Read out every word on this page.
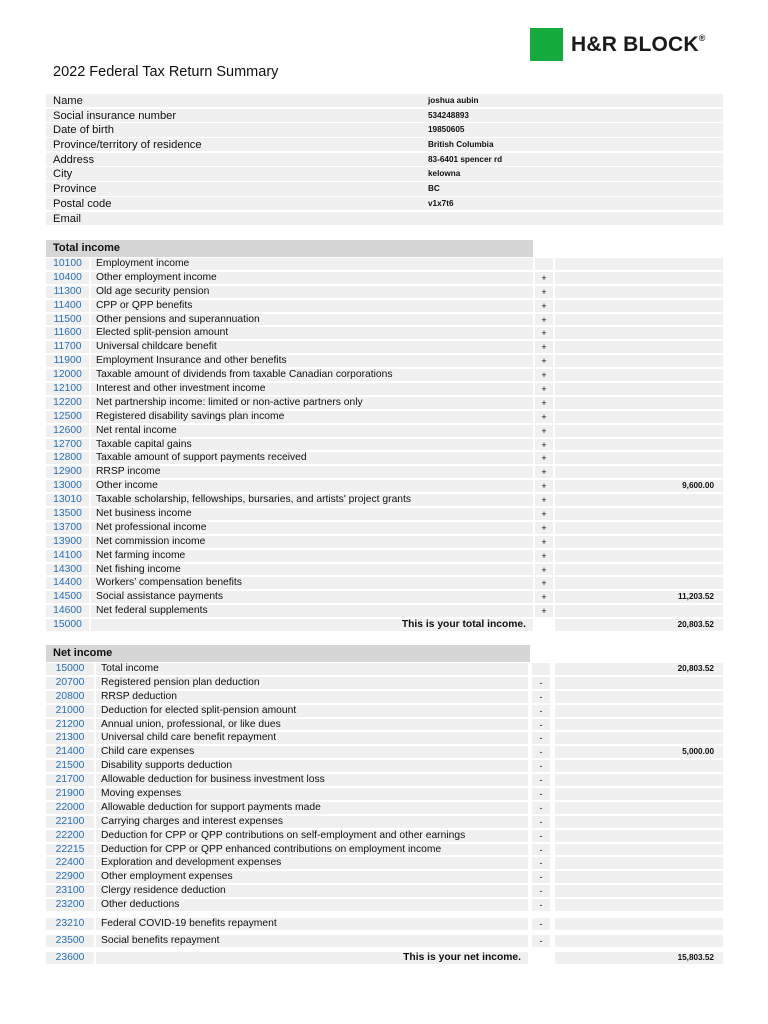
H&R BLOCK®
2022 Federal Tax Return Summary
Name	joshua aubin
Social insurance number	534248893
Date of birth	19850605
Province/territory of residence	British Columbia
Address	83-6401 spencer rd
City	kelowna
Province	BC
Postal code	v1x7t6
Email
Total income
10100	Employment income
10400	Other employment income	+
11300	Old age security pension	+
11400	CPP or QPP benefits	+
11500	Other pensions and superannuation	+
11600	Elected split-pension amount	+
11700	Universal childcare benefit	+
11900	Employment Insurance and other benefits	+
12000	Taxable amount of dividends from taxable Canadian corporations	+
12100	Interest and other investment income	+
12200	Net partnership income: limited or non-active partners only	+
12500	Registered disability savings plan income	+
12600	Net rental income	+
12700	Taxable capital gains	+
12800	Taxable amount of support payments received	+
12900	RRSP income	+
13000	Other income	+	9,600.00
13010	Taxable scholarship, fellowships, bursaries, and artists' project grants	+
13500	Net business income	+
13700	Net professional income	+
13900	Net commission income	+
14100	Net farming income	+
14300	Net fishing income	+
14400	Workers’ compensation benefits	+
14500	Social assistance payments	+	11,203.52
14600	Net federal supplements	+
15000	This is your total income.	20,803.52
Net income
15000	Total income	20,803.52
20700	Registered pension plan deduction	-
20800	RRSP deduction	-
21000	Deduction for elected split-pension amount	-
21200	Annual union, professional, or like dues	-
21300	Universal child care benefit repayment	-
21400	Child care expenses	-	5,000.00
21500	Disability supports deduction	-
21700	Allowable deduction for business investment loss	-
21900	Moving expenses	-
22000	Allowable deduction for support payments made	-
22100	Carrying charges and interest expenses	-
22200	Deduction for CPP or QPP contributions on self-employment and other earnings	-
22215	Deduction for CPP or QPP enhanced contributions on employment income	-
22400	Exploration and development expenses	-
22900	Other employment expenses	-
23100	Clergy residence deduction	-
23200	Other deductions	-
23210	Federal COVID-19 benefits repayment	-
23500	Social benefits repayment	-
23600	This is your net income.	15,803.52
